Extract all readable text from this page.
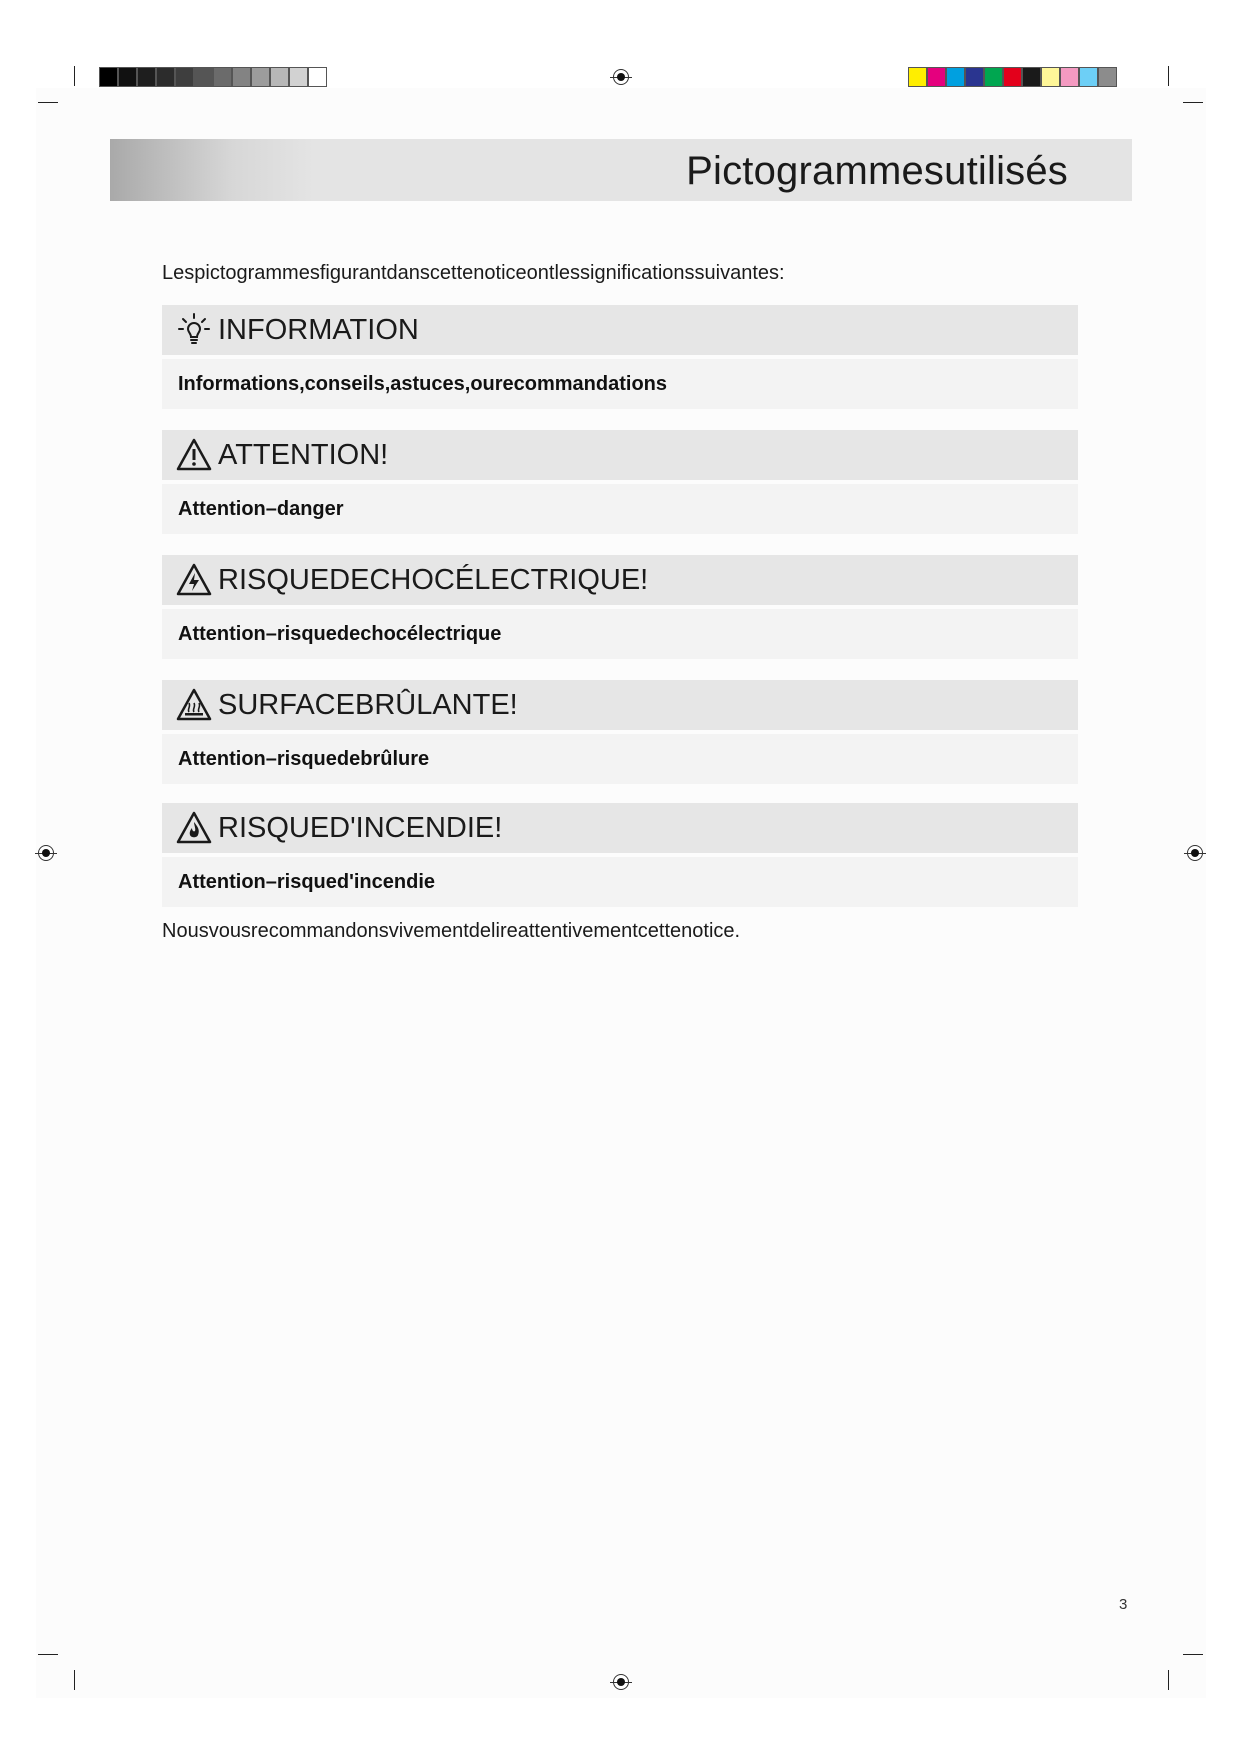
Pictogrammesutilisés
Lespictogrammesfigurantdanscettenoticeontlessignificationssuivantes:
INFORMATION
Informations,conseils,astuces,ourecommandations
ATTENTION!
Attention–danger
RISQUEDECHOCÉLECTRIQUE!
Attention–risquedechocélectrique
SURFACEBRÛLANTE!
Attention–risquedebrûlure
RISQUED'INCENDIE!
Attention–risqued'incendie
Nousvousrecommandonsvivementdelireattentivementcettenotice.
3
